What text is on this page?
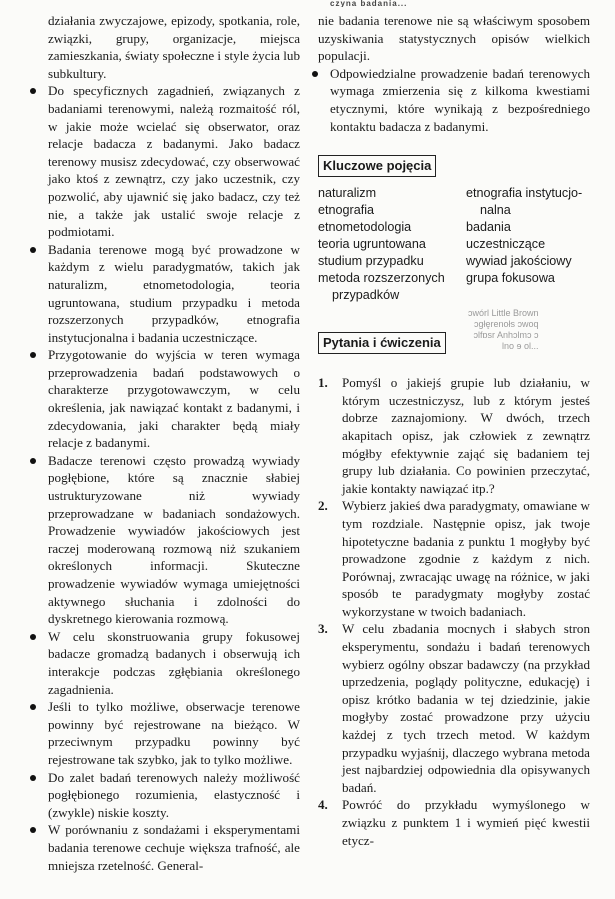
czyna badania...

działania zwyczajowe, epizody, spotkania, role, związki, grupy, organizacje, miejsca zamieszkania, światy społeczne i style życia lub subkultury.

Do specyficznych zagadnień, związanych z badaniami terenowymi, należą rozmaitość ról, w jakie może wcielać się obserwator, oraz relacje badacza z badanymi. Jako badacz terenowy musisz zdecydować, czy obserwować jako ktoś z zewnątrz, czy jako uczestnik, czy pozwolić, aby ujawnić się jako badacz, czy też nie, a także jak ustalić swoje relacje z podmiotami.
Badania terenowe mogą być prowadzone w każdym z wielu paradygmatów, takich jak naturalizm, etnometodologia, teoria ugruntowana, studium przypadku i metoda rozszerzonych przypadków, etnografia instytucjonalna i badania uczestniczące.
Przygotowanie do wyjścia w teren wymaga przeprowadzenia badań podstawowych o charakterze przygotowawczym, w celu określenia, jak nawiązać kontakt z badanymi, i zdecydowania, jaki charakter będą miały relacje z badanymi.
Badacze terenowi często prowadzą wywiady pogłębione, które są znacznie słabiej ustrukturyzowane niż wywiady przeprowadzane w badaniach sondażowych. Prowadzenie wywiadów jakościowych jest raczej moderowaną rozmową niż szukaniem określonych informacji. Skuteczne prowadzenie wywiadów wymaga umiejętności aktywnego słuchania i zdolności do dyskretnego kierowania rozmową.
W celu skonstruowania grupy fokusowej badacze gromadzą badanych i obserwują ich interakcje podczas zgłębiania określonego zagadnienia.
Jeśli to tylko możliwe, obserwacje terenowe powinny być rejestrowane na bieżąco. W przeciwnym przypadku powinny być rejestrowane tak szybko, jak to tylko możliwe.
Do zalet badań terenowych należy możliwość pogłębionego rozumienia, elastyczność i (zwykle) niskie koszty.
W porównaniu z sondażami i eksperymentami badania terenowe cechuje większa trafność, ale mniejsza rzetelność. General-

nie badania terenowe nie są właściwym sposobem uzyskiwania statystycznych opisów wielkich populacji.

Odpowiedzialne prowadzenie badań terenowych wymaga zmierzenia się z kilkoma kwestiami etycznymi, które wynikają z bezpośredniego kontaktu badacza z badanymi.
Kluczowe pojęcia
naturalizm
etnografia
etnometodologia
teoria ugruntowana
studium przypadku
metoda rozszerzonych
przypadków
etnografia instytucjo-
nalna
badania uczestniczące
wywiad jakościowy
grupa fokusowa
ɔwórl Little Brown
ɔgłęrenołs ɔwoq
ɔlfɒsr Anhɔlmɔ ɔ
lno ɘ ol...
Pytania i ćwiczenia
1. Pomyśl o jakiejś grupie lub działaniu, w którym uczestniczysz, lub z którym jesteś dobrze zaznajomiony. W dwóch, trzech akapitach opisz, jak człowiek z zewnątrz mógłby efektywnie zająć się badaniem tej grupy lub działania. Co powinien przeczytać, jakie kontakty nawiązać itp.?
2. Wybierz jakieś dwa paradygmaty, omawiane w tym rozdziale. Następnie opisz, jak twoje hipotetyczne badania z punktu 1 mogłyby być prowadzone zgodnie z każdym z nich. Porównaj, zwracając uwagę na różnice, w jaki sposób te paradygmaty mogłyby zostać wykorzystane w twoich badaniach.
3. W celu zbadania mocnych i słabych stron eksperymentu, sondażu i badań terenowych wybierz ogólny obszar badawczy (na przykład uprzedzenia, poglądy polityczne, edukację) i opisz krótko badania w tej dziedzinie, jakie mogłyby zostać prowadzone przy użyciu każdej z tych trzech metod. W każdym przypadku wyjaśnij, dlaczego wybrana metoda jest najbardziej odpowiednia dla opisywanych badań.
4. Powróć do przykładu wymyślonego w związku z punktem 1 i wymień pięć kwestii etycz-
